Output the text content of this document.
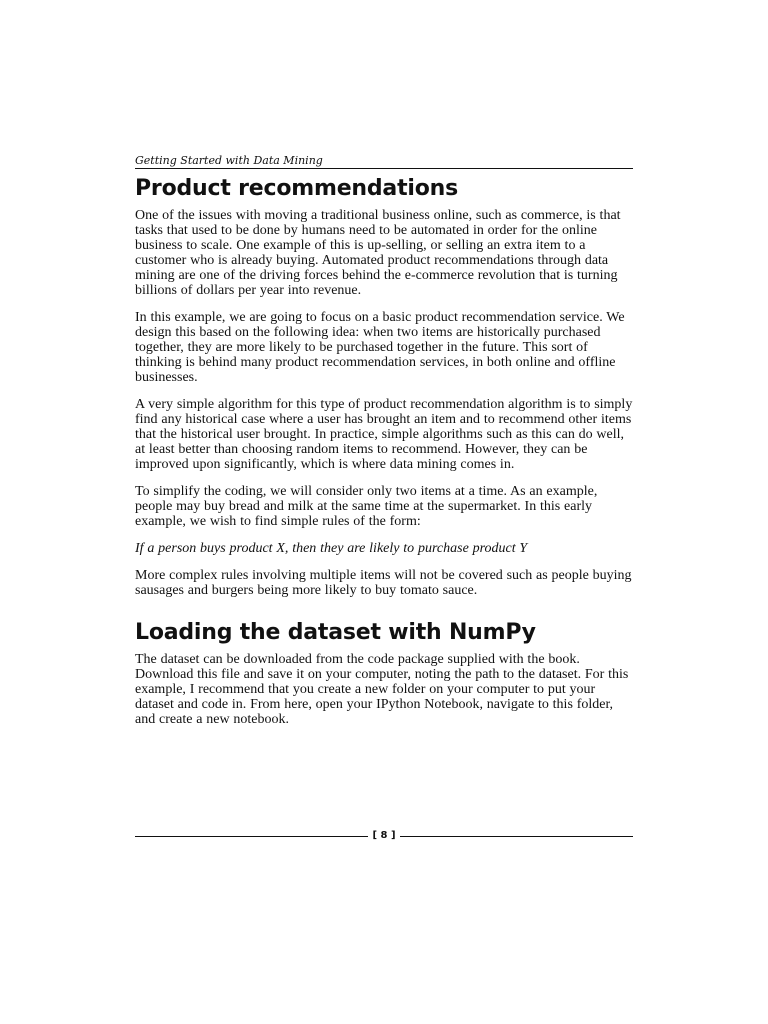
Getting Started with Data Mining
Product recommendations

One of the issues with moving a traditional business online, such as commerce, is that tasks that used to be done by humans need to be automated in order for the online business to scale. One example of this is up-selling, or selling an extra item to a customer who is already buying. Automated product recommendations through data mining are one of the driving forces behind the e-commerce revolution that is turning billions of dollars per year into revenue.

In this example, we are going to focus on a basic product recommendation service. We design this based on the following idea: when two items are historically purchased together, they are more likely to be purchased together in the future. This sort of thinking is behind many product recommendation services, in both online and offline businesses.

A very simple algorithm for this type of product recommendation algorithm is to simply find any historical case where a user has brought an item and to recommend other items that the historical user brought. In practice, simple algorithms such as this can do well, at least better than choosing random items to recommend. However, they can be improved upon significantly, which is where data mining comes in.

To simplify the coding, we will consider only two items at a time. As an example, people may buy bread and milk at the same time at the supermarket. In this early example, we wish to find simple rules of the form:

If a person buys product X, then they are likely to purchase product Y

More complex rules involving multiple items will not be covered such as people buying sausages and burgers being more likely to buy tomato sauce.

Loading the dataset with NumPy

The dataset can be downloaded from the code package supplied with the book. Download this file and save it on your computer, noting the path to the dataset. For this example, I recommend that you create a new folder on your computer to put your dataset and code in. From here, open your IPython Notebook, navigate to this folder, and create a new notebook.

[ 8 ]
